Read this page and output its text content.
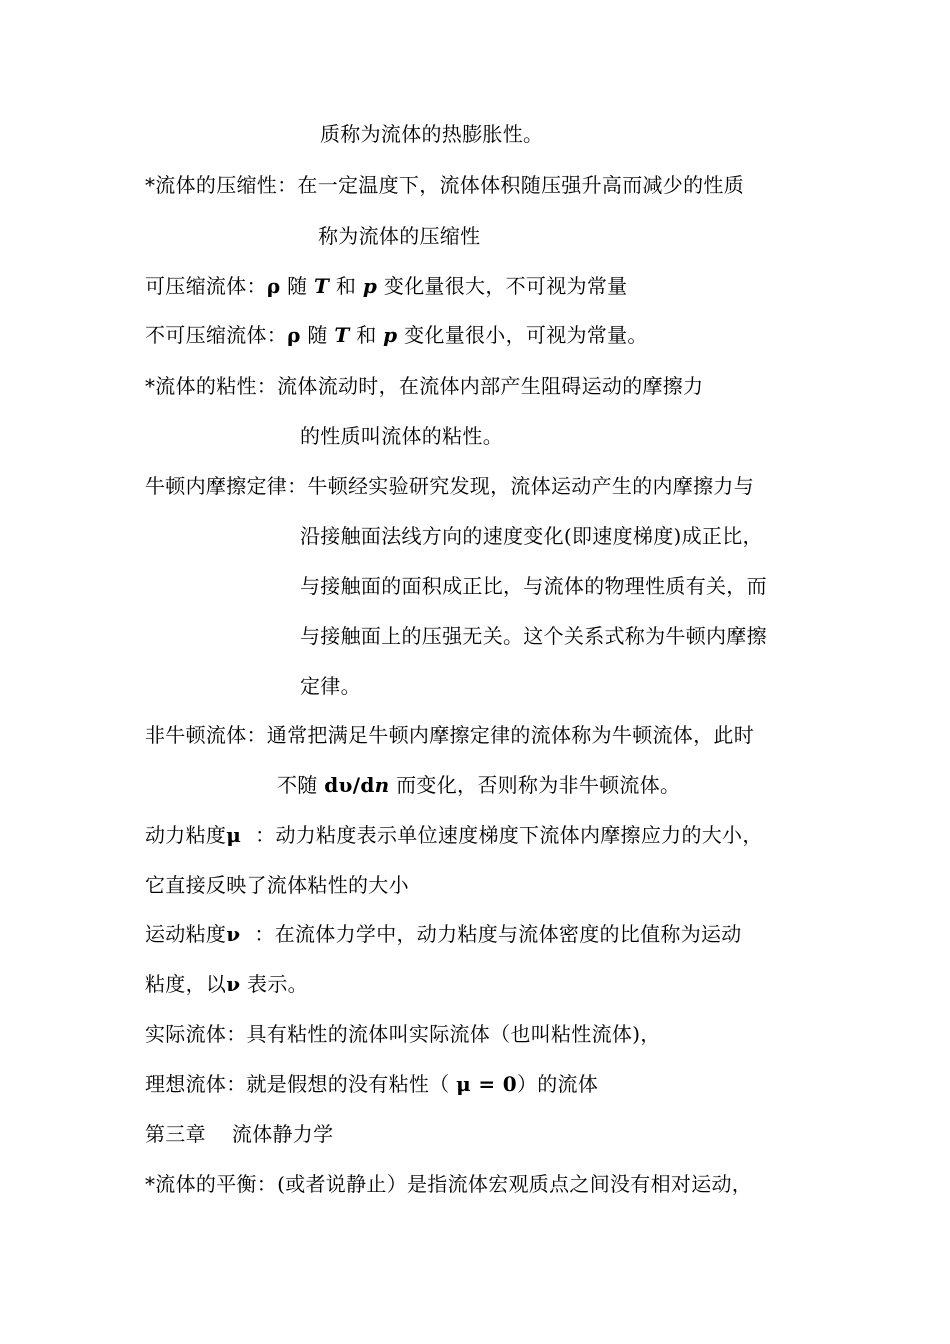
质称为流体的热膨胀性。
*流体的压缩性：在一定温度下，流体体积随压强升高而减少的性质
称为流体的压缩性
可压缩流体：ρ 随 T 和 p 变化量很大，不可视为常量
不可压缩流体：ρ 随 T 和 p 变化量很小，可视为常量。
*流体的粘性：流体流动时，在流体内部产生阻碍运动的摩擦力
的性质叫流体的粘性。
牛顿内摩擦定律：牛顿经实验研究发现，流体运动产生的内摩擦力与
沿接触面法线方向的速度变化(即速度梯度)成正比，
与接触面的面积成正比，与流体的物理性质有关，而
与接触面上的压强无关。这个关系式称为牛顿内摩擦
定律。
非牛顿流体：通常把满足牛顿内摩擦定律的流体称为牛顿流体，此时
不随 dυ/dn 而变化，否则称为非牛顿流体。
动力粘度μ ：动力粘度表示单位速度梯度下流体内摩擦应力的大小，
它直接反映了流体粘性的大小
运动粘度ν ：在流体力学中，动力粘度与流体密度的比值称为运动
粘度，以ν 表示。
实际流体：具有粘性的流体叫实际流体（也叫粘性流体)，
理想流体：就是假想的没有粘性（ μ = 0）的流体
第三章 流体静力学
*流体的平衡：(或者说静止）是指流体宏观质点之间没有相对运动，
